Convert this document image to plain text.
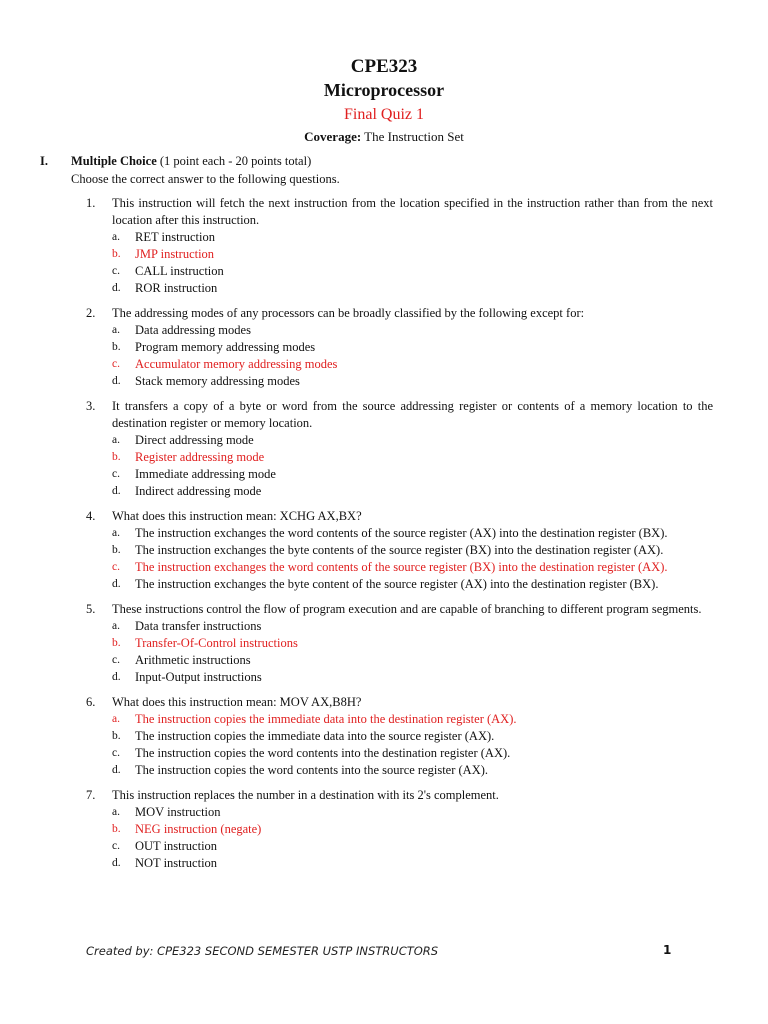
CPE323
Microprocessor
Final Quiz 1
Coverage: The Instruction Set
I.	Multiple Choice (1 point each - 20 points total)
Choose the correct answer to the following questions.
1.	This instruction will fetch the next instruction from the location specified in the instruction rather than from the next location after this instruction.
a.	RET instruction
b.	JMP instruction
c.	CALL instruction
d.	ROR instruction
2.	The addressing modes of any processors can be broadly classified by the following except for:
a.	Data addressing modes
b.	Program memory addressing modes
c.	Accumulator memory addressing modes
d.	Stack memory addressing modes
3.	It transfers a copy of a byte or word from the source addressing register or contents of a memory location to the destination register or memory location.
a.	Direct addressing mode
b.	Register addressing mode
c.	Immediate addressing mode
d.	Indirect addressing mode
4.	What does this instruction mean: XCHG AX,BX?
a.	The instruction exchanges the word contents of the source register (AX) into the destination register (BX).
b.	The instruction exchanges the byte contents of the source register (BX) into the destination register (AX).
c.	The instruction exchanges the word contents of the source register (BX) into the destination register (AX).
d.	The instruction exchanges the byte content of the source register (AX) into the destination register (BX).
5.	These instructions control the flow of program execution and are capable of branching to different program segments.
a.	Data transfer instructions
b.	Transfer-Of-Control instructions
c.	Arithmetic instructions
d.	Input-Output instructions
6.	What does this instruction mean: MOV AX,B8H?
a.	The instruction copies the immediate data into the destination register (AX).
b.	The instruction copies the immediate data into the source register (AX).
c.	The instruction copies the word contents into the destination register (AX).
d.	The instruction copies the word contents into the source register (AX).
7.	This instruction replaces the number in a destination with its 2's complement.
a.	MOV instruction
b.	NEG instruction (negate)
c.	OUT instruction
d.	NOT instruction
Created by: CPE323 SECOND SEMESTER USTP INSTRUCTORS	1
